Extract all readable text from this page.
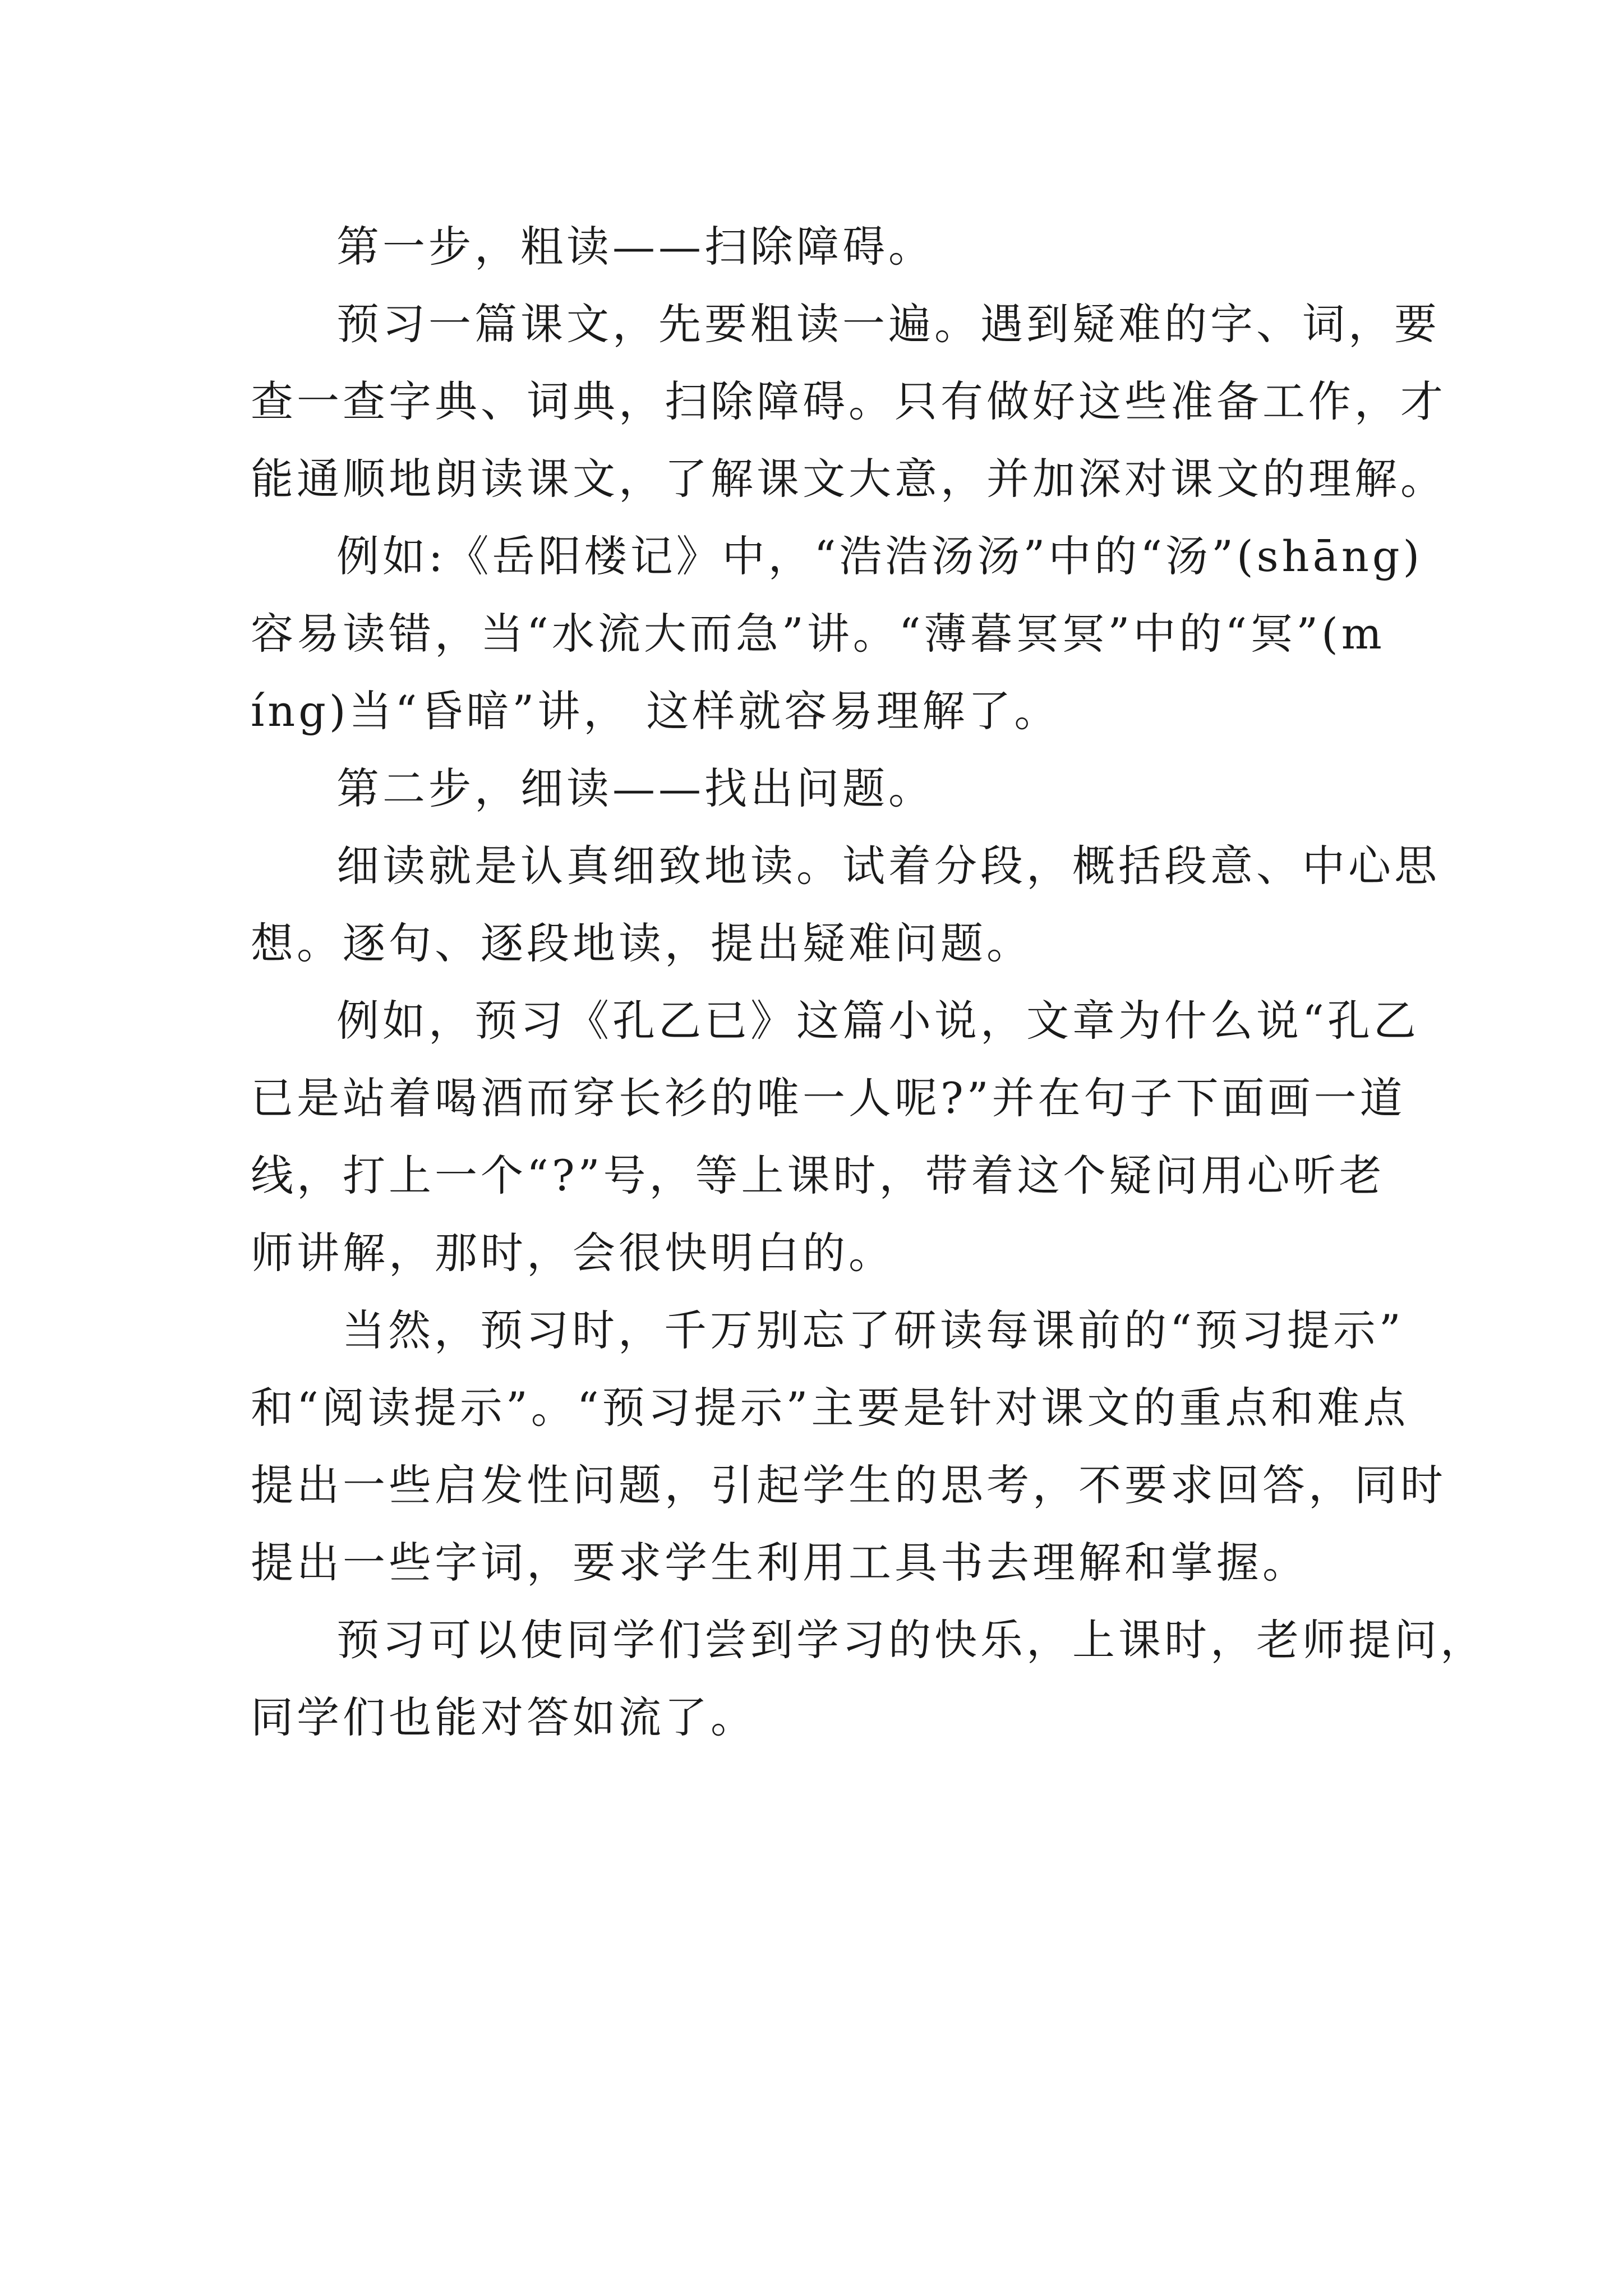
第一步，粗读——扫除障碍。
预习一篇课文，先要粗读一遍。遇到疑难的字、词，要
查一查字典、词典，扫除障碍。只有做好这些准备工作，才
能通顺地朗读课文，了解课文大意，并加深对课文的理解。
例如:《岳阳楼记》中，“浩浩汤汤”中的“汤”(shāng)
容易读错，当“水流大而急”讲。“薄暮冥冥”中的“冥”(m
íng)当“昏暗”讲， 这样就容易理解了。
第二步，细读——找出问题。
细读就是认真细致地读。试着分段，概括段意、中心思
想。逐句、逐段地读，提出疑难问题。
例如，预习《孔乙已》这篇小说，文章为什么说“孔乙
已是站着喝酒而穿长衫的唯一人呢?”并在句子下面画一道
线，打上一个“?”号，等上课时，带着这个疑问用心听老
师讲解，那时，会很快明白的。
当然，预习时，千万别忘了研读每课前的“预习提示”
和“阅读提示”。“预习提示”主要是针对课文的重点和难点
提出一些启发性问题，引起学生的思考，不要求回答，同时
提出一些字词，要求学生利用工具书去理解和掌握。
预习可以使同学们尝到学习的快乐，上课时，老师提问，
同学们也能对答如流了。
